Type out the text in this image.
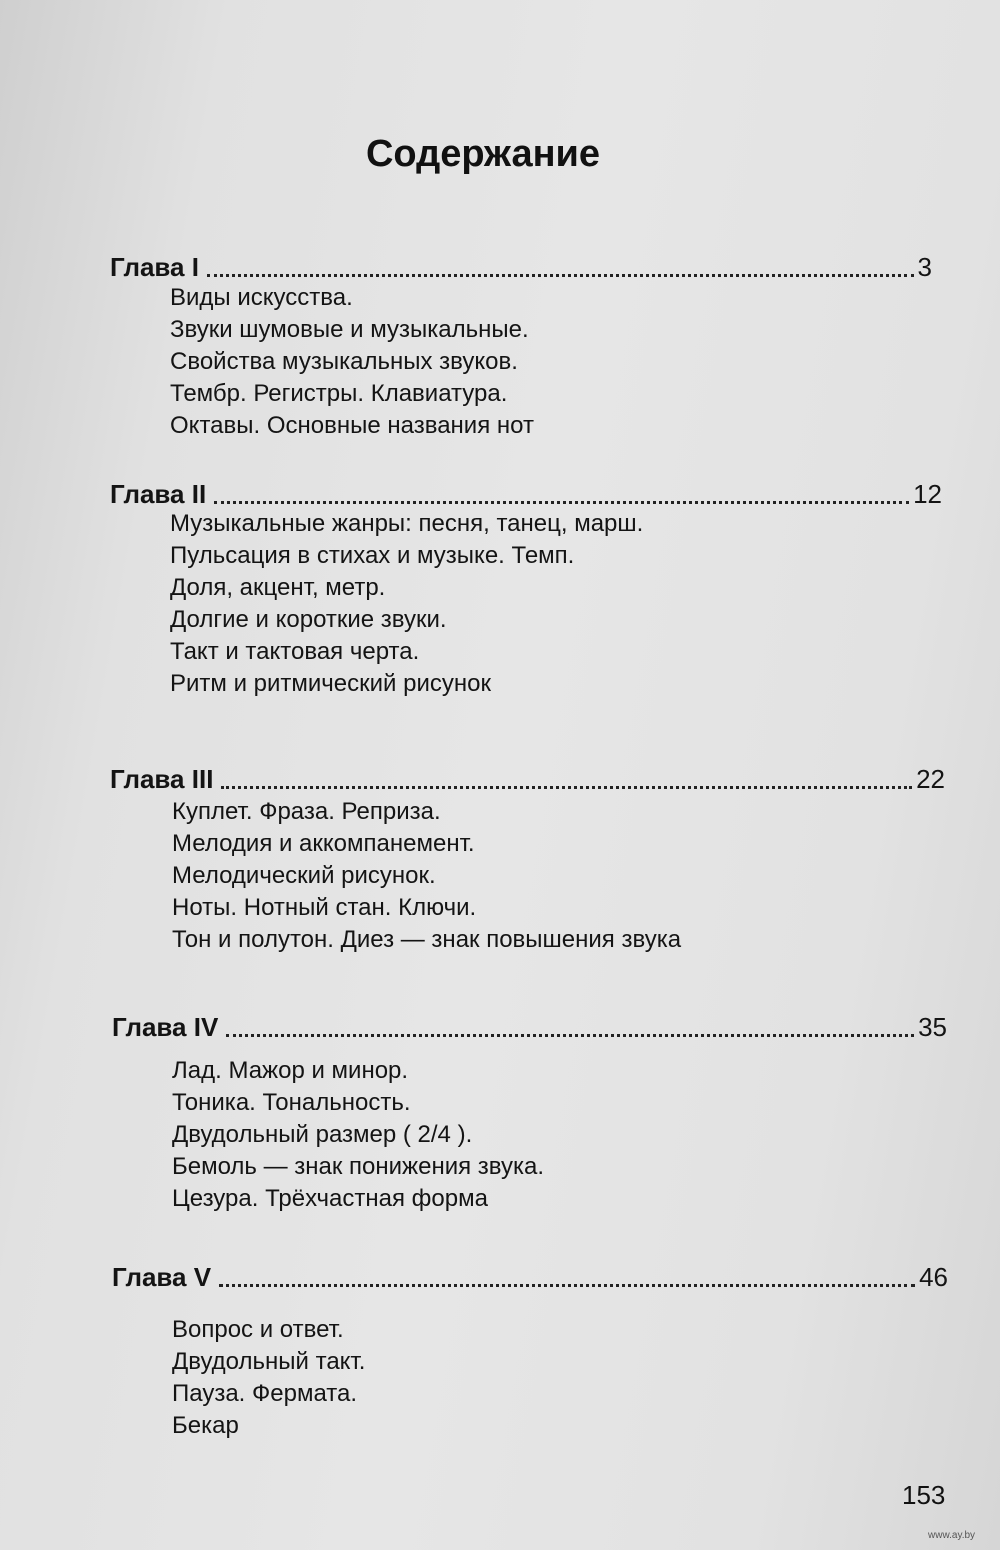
Содержание
Глава I	3
Виды искусства.
Звуки шумовые и музыкальные.
Свойства музыкальных звуков.
Тембр. Регистры. Клавиатура.
Октавы. Основные названия нот
Глава II	12
Музыкальные жанры: песня, танец, марш.
Пульсация в стихах и музыке. Темп.
Доля, акцент, метр.
Долгие и короткие звуки.
Такт и тактовая черта.
Ритм и ритмический рисунок
Глава III	22
Куплет. Фраза. Реприза.
Мелодия и аккомпанемент.
Мелодический рисунок.
Ноты. Нотный стан. Ключи.
Тон и полутон. Диез — знак повышения звука
Глава IV	35
Лад. Мажор и минор.
Тоника. Тональность.
Двудольный размер ( 2/4 ).
Бемоль — знак понижения звука.
Цезура. Трёхчастная форма
Глава V	46
Вопрос и ответ.
Двудольный такт.
Пауза. Фермата.
Бекар
153
www.ay.by
